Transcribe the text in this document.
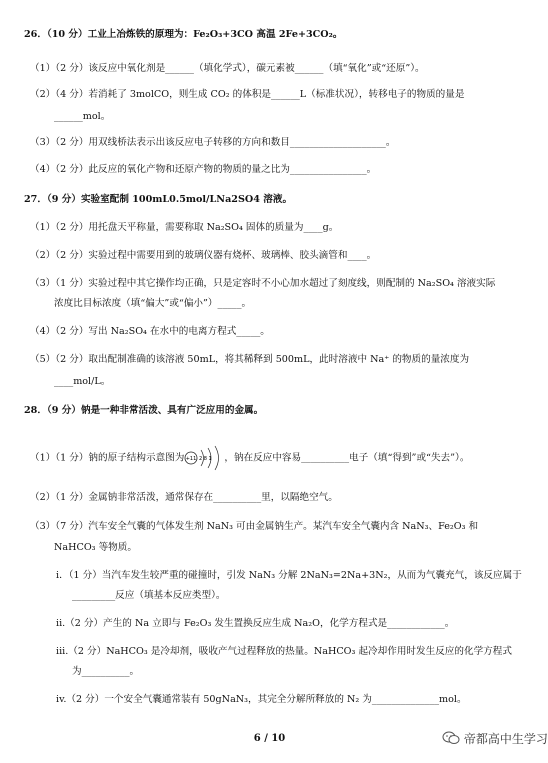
26．（10 分）工业上冶炼铁的原理为：Fe₂O₃+3CO 高温 2Fe+3CO₂。
（1）（2 分）该反应中氧化剂是______（填化学式），碳元素被______（填“氧化”或“还原”）。
（2）（4 分）若消耗了 3molCO，则生成 CO₂ 的体积是______L（标准状况），转移电子的物质的量是
______mol。
（3）（2 分）用双线桥法表示出该反应电子转移的方向和数目____________________。
（4）（2 分）此反应的氧化产物和还原产物的物质的量之比为________________。
27．（9 分）实验室配制 100mL0.5mol/LNa2SO4 溶液。
（1）（2 分）用托盘天平称量，需要称取 Na₂SO₄ 固体的质量为____g。
（2）（2 分）实验过程中需要用到的玻璃仪器有烧杯、玻璃棒、胶头滴管和____。
（3）（1 分）实验过程中其它操作均正确，只是定容时不小心加水超过了刻度线，则配制的 Na₂SO₄ 溶液实际
浓度比目标浓度（填“偏大”或“偏小”）_____。
（4）（2 分）写出 Na₂SO₄ 在水中的电离方程式_____。
（5）（2 分）取出配制准确的该溶液 50mL，将其稀释到 500mL，此时溶液中 Na⁺ 的物质的量浓度为
____mol/L。
28．（9 分）钠是一种非常活泼、具有广泛应用的金属。
（1）（1 分）钠的原子结构示意图为 +11 2 8 1 ，钠在反应中容易__________电子（填“得到”或“失去”）。
（2）（1 分）金属钠非常活泼，通常保存在__________里，以隔绝空气。
（3）（7 分）汽车安全气囊的气体发生剂 NaN₃ 可由金属钠生产。某汽车安全气囊内含 NaN₃、Fe₂O₃ 和
NaHCO₃ 等物质。
i．（1 分）当汽车发生较严重的碰撞时，引发 NaN₃ 分解 2NaN₃=2Na+3N₂，从而为气囊充气，该反应属于
_________反应（填基本反应类型）。
ii.（2 分）产生的 Na 立即与 Fe₂O₃ 发生置换反应生成 Na₂O，化学方程式是____________。
iii.（2 分）NaHCO₃ 是冷却剂，吸收产气过程释放的热量。NaHCO₃ 起冷却作用时发生反应的化学方程式
为__________。
iv.（2 分）一个安全气囊通常装有 50gNaN₃，其完全分解所释放的 N₂ 为______________mol。
6 / 10	帝都高中生学习
